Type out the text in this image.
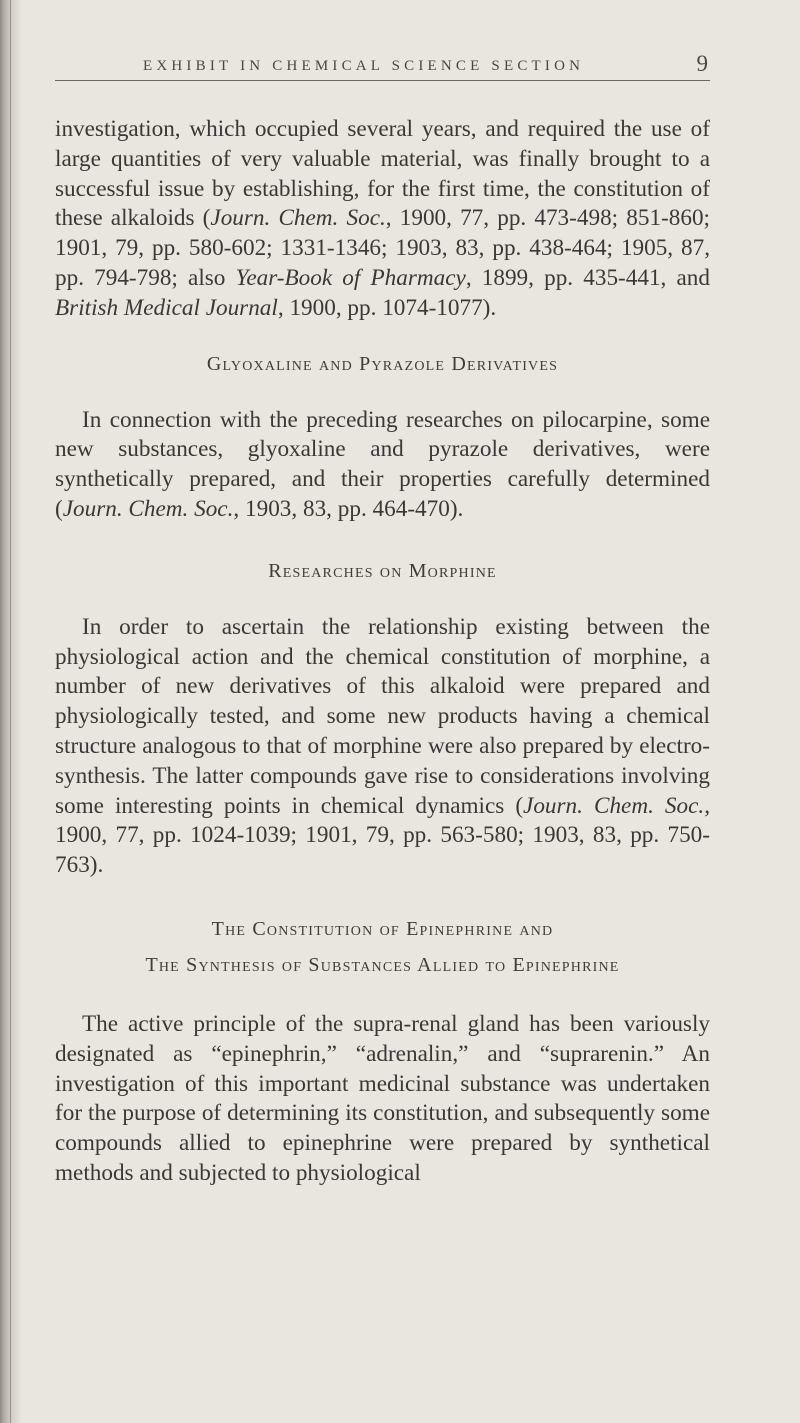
EXHIBIT IN CHEMICAL SCIENCE SECTION	9

investigation, which occupied several years, and required the use of large quantities of very valuable material, was finally brought to a successful issue by establishing, for the first time, the constitution of these alkaloids (Journ. Chem. Soc., 1900, 77, pp. 473-498; 851-860; 1901, 79, pp. 580-602; 1331-1346; 1903, 83, pp. 438-464; 1905, 87, pp. 794-798; also Year-Book of Pharmacy, 1899, pp. 435-441, and British Medical Journal, 1900, pp. 1074-1077).

Glyoxaline and Pyrazole Derivatives

In connection with the preceding researches on pilocarpine, some new substances, glyoxaline and pyrazole derivatives, were synthetically prepared, and their properties carefully determined (Journ. Chem. Soc., 1903, 83, pp. 464-470).

Researches on Morphine

In order to ascertain the relationship existing between the physiological action and the chemical constitution of morphine, a number of new derivatives of this alkaloid were prepared and physiologically tested, and some new products having a chemical structure analogous to that of morphine were also prepared by electro-synthesis. The latter compounds gave rise to considerations involving some interesting points in chemical dynamics (Journ. Chem. Soc., 1900, 77, pp. 1024-1039; 1901, 79, pp. 563-580; 1903, 83, pp. 750-763).

The Constitution of Epinephrine and
The Synthesis of Substances Allied to Epinephrine

The active principle of the supra-renal gland has been variously designated as “epinephrin,” “adrenalin,” and “suprarenin.” An investigation of this important medicinal substance was undertaken for the purpose of determining its constitution, and subsequently some compounds allied to epinephrine were prepared by synthetical methods and subjected to physiological
